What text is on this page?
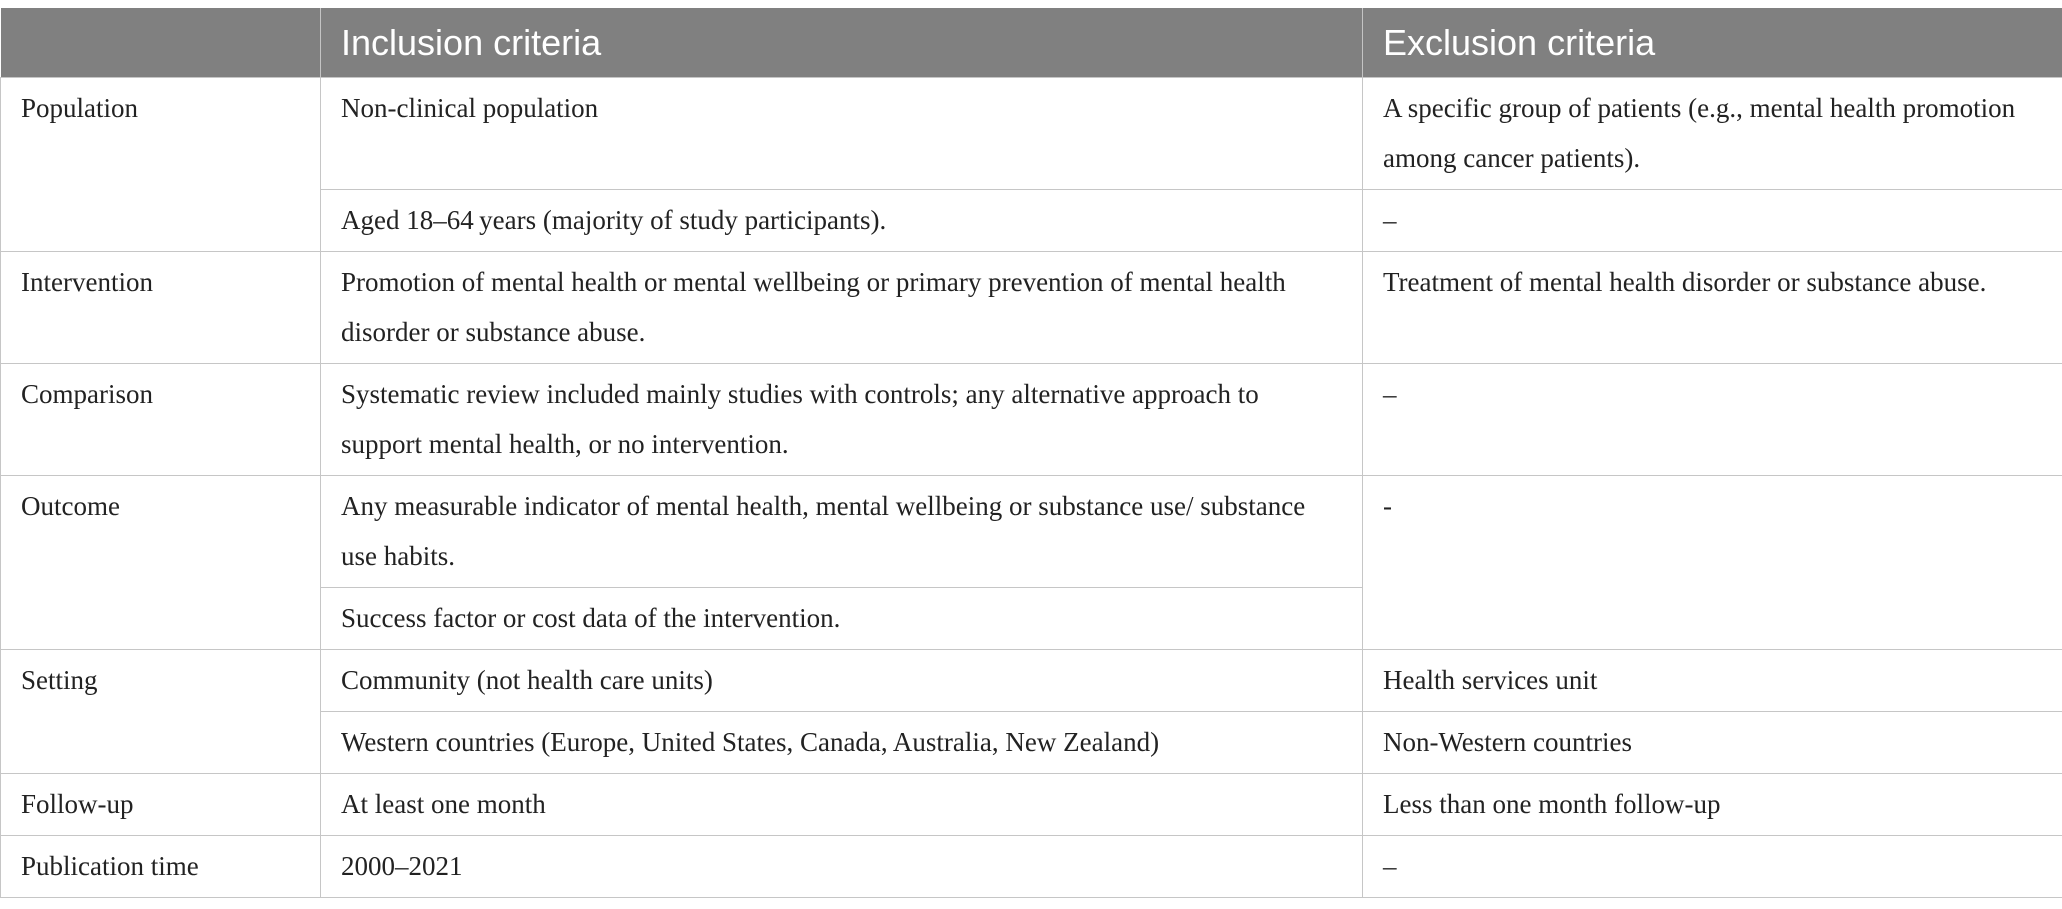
	Inclusion criteria	Exclusion criteria
Population	Non-clinical population	A specific group of patients (e.g., mental health promotion among cancer patients).
	Aged 18–64 years (majority of study participants).	–
Intervention	Promotion of mental health or mental wellbeing or primary prevention of mental health disorder or substance abuse.	Treatment of mental health disorder or substance abuse.
Comparison	Systematic review included mainly studies with controls; any alternative approach to support mental health, or no intervention.	–
Outcome	Any measurable indicator of mental health, mental wellbeing or substance use/ substance use habits.	-
	Success factor or cost data of the intervention.	
Setting	Community (not health care units)	Health services unit
	Western countries (Europe, United States, Canada, Australia, New Zealand)	Non-Western countries
Follow-up	At least one month	Less than one month follow-up
Publication time	2000–2021	–
